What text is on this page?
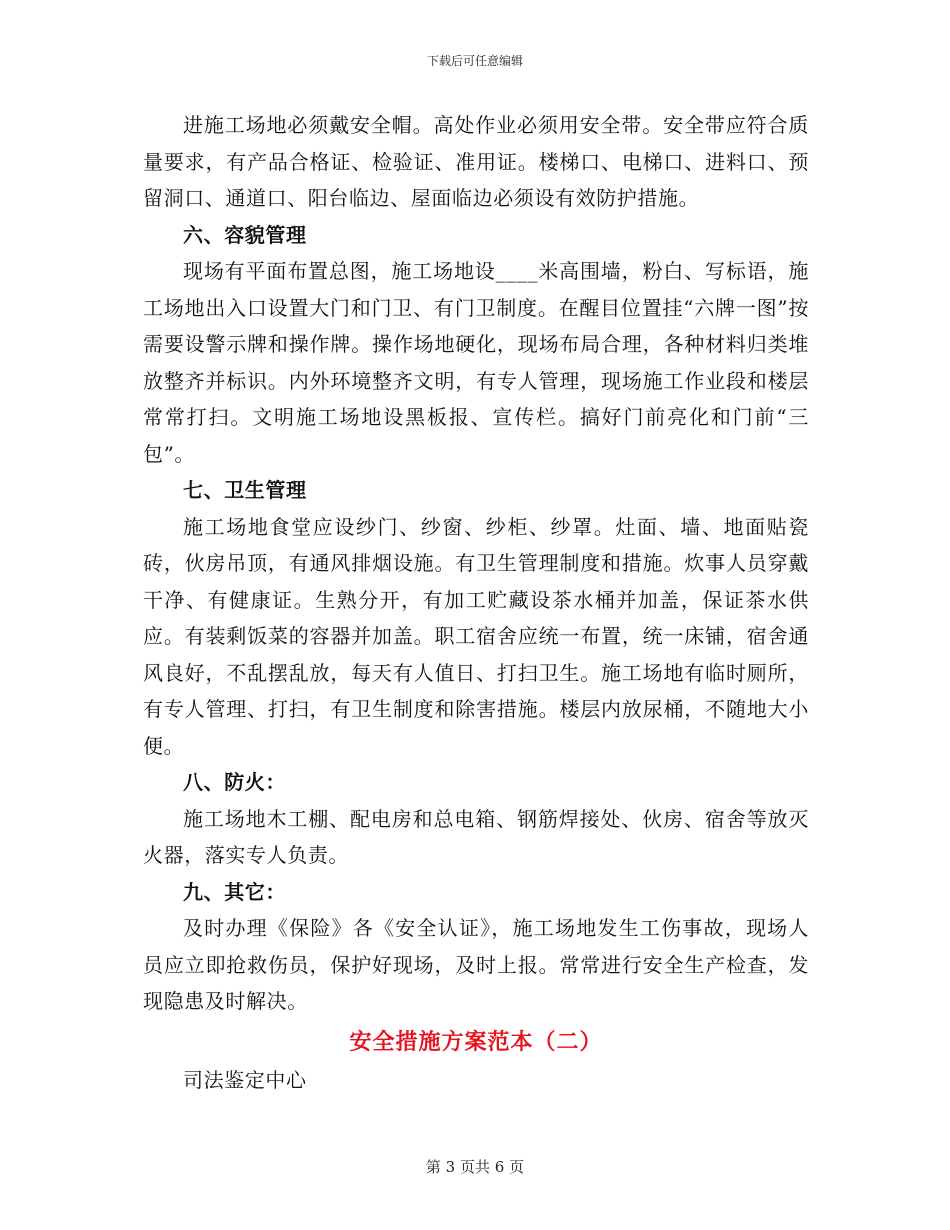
下载后可任意编辑

进施工场地必须戴安全帽。高处作业必须用安全带。安全带应符合质量要求，有产品合格证、检验证、准用证。楼梯口、电梯口、进料口、预留洞口、通道口、阳台临边、屋面临边必须设有效防护措施。

六、容貌管理

现场有平面布置总图，施工场地设____米高围墙，粉白、写标语，施工场地出入口设置大门和门卫、有门卫制度。在醒目位置挂“六牌一图”按需要设警示牌和操作牌。操作场地硬化，现场布局合理，各种材料归类堆放整齐并标识。内外环境整齐文明，有专人管理，现场施工作业段和楼层常常打扫。文明施工场地设黑板报、宣传栏。搞好门前亮化和门前“三包”。

七、卫生管理

施工场地食堂应设纱门、纱窗、纱柜、纱罩。灶面、墙、地面贴瓷砖，伙房吊顶，有通风排烟设施。有卫生管理制度和措施。炊事人员穿戴干净、有健康证。生熟分开，有加工贮藏设茶水桶并加盖，保证茶水供应。有装剩饭菜的容器并加盖。职工宿舍应统一布置，统一床铺，宿舍通风良好，不乱摆乱放，每天有人值日、打扫卫生。施工场地有临时厕所，有专人管理、打扫，有卫生制度和除害措施。楼层内放尿桶，不随地大小便。

八、防火：

施工场地木工棚、配电房和总电箱、钢筋焊接处、伙房、宿舍等放灭火器，落实专人负责。

九、其它：

及时办理《保险》各《安全认证》，施工场地发生工伤事故，现场人员应立即抢救伤员，保护好现场，及时上报。常常进行安全生产检查，发现隐患及时解决。

安全措施方案范本（二）

司法鉴定中心

第 3 页共 6 页
